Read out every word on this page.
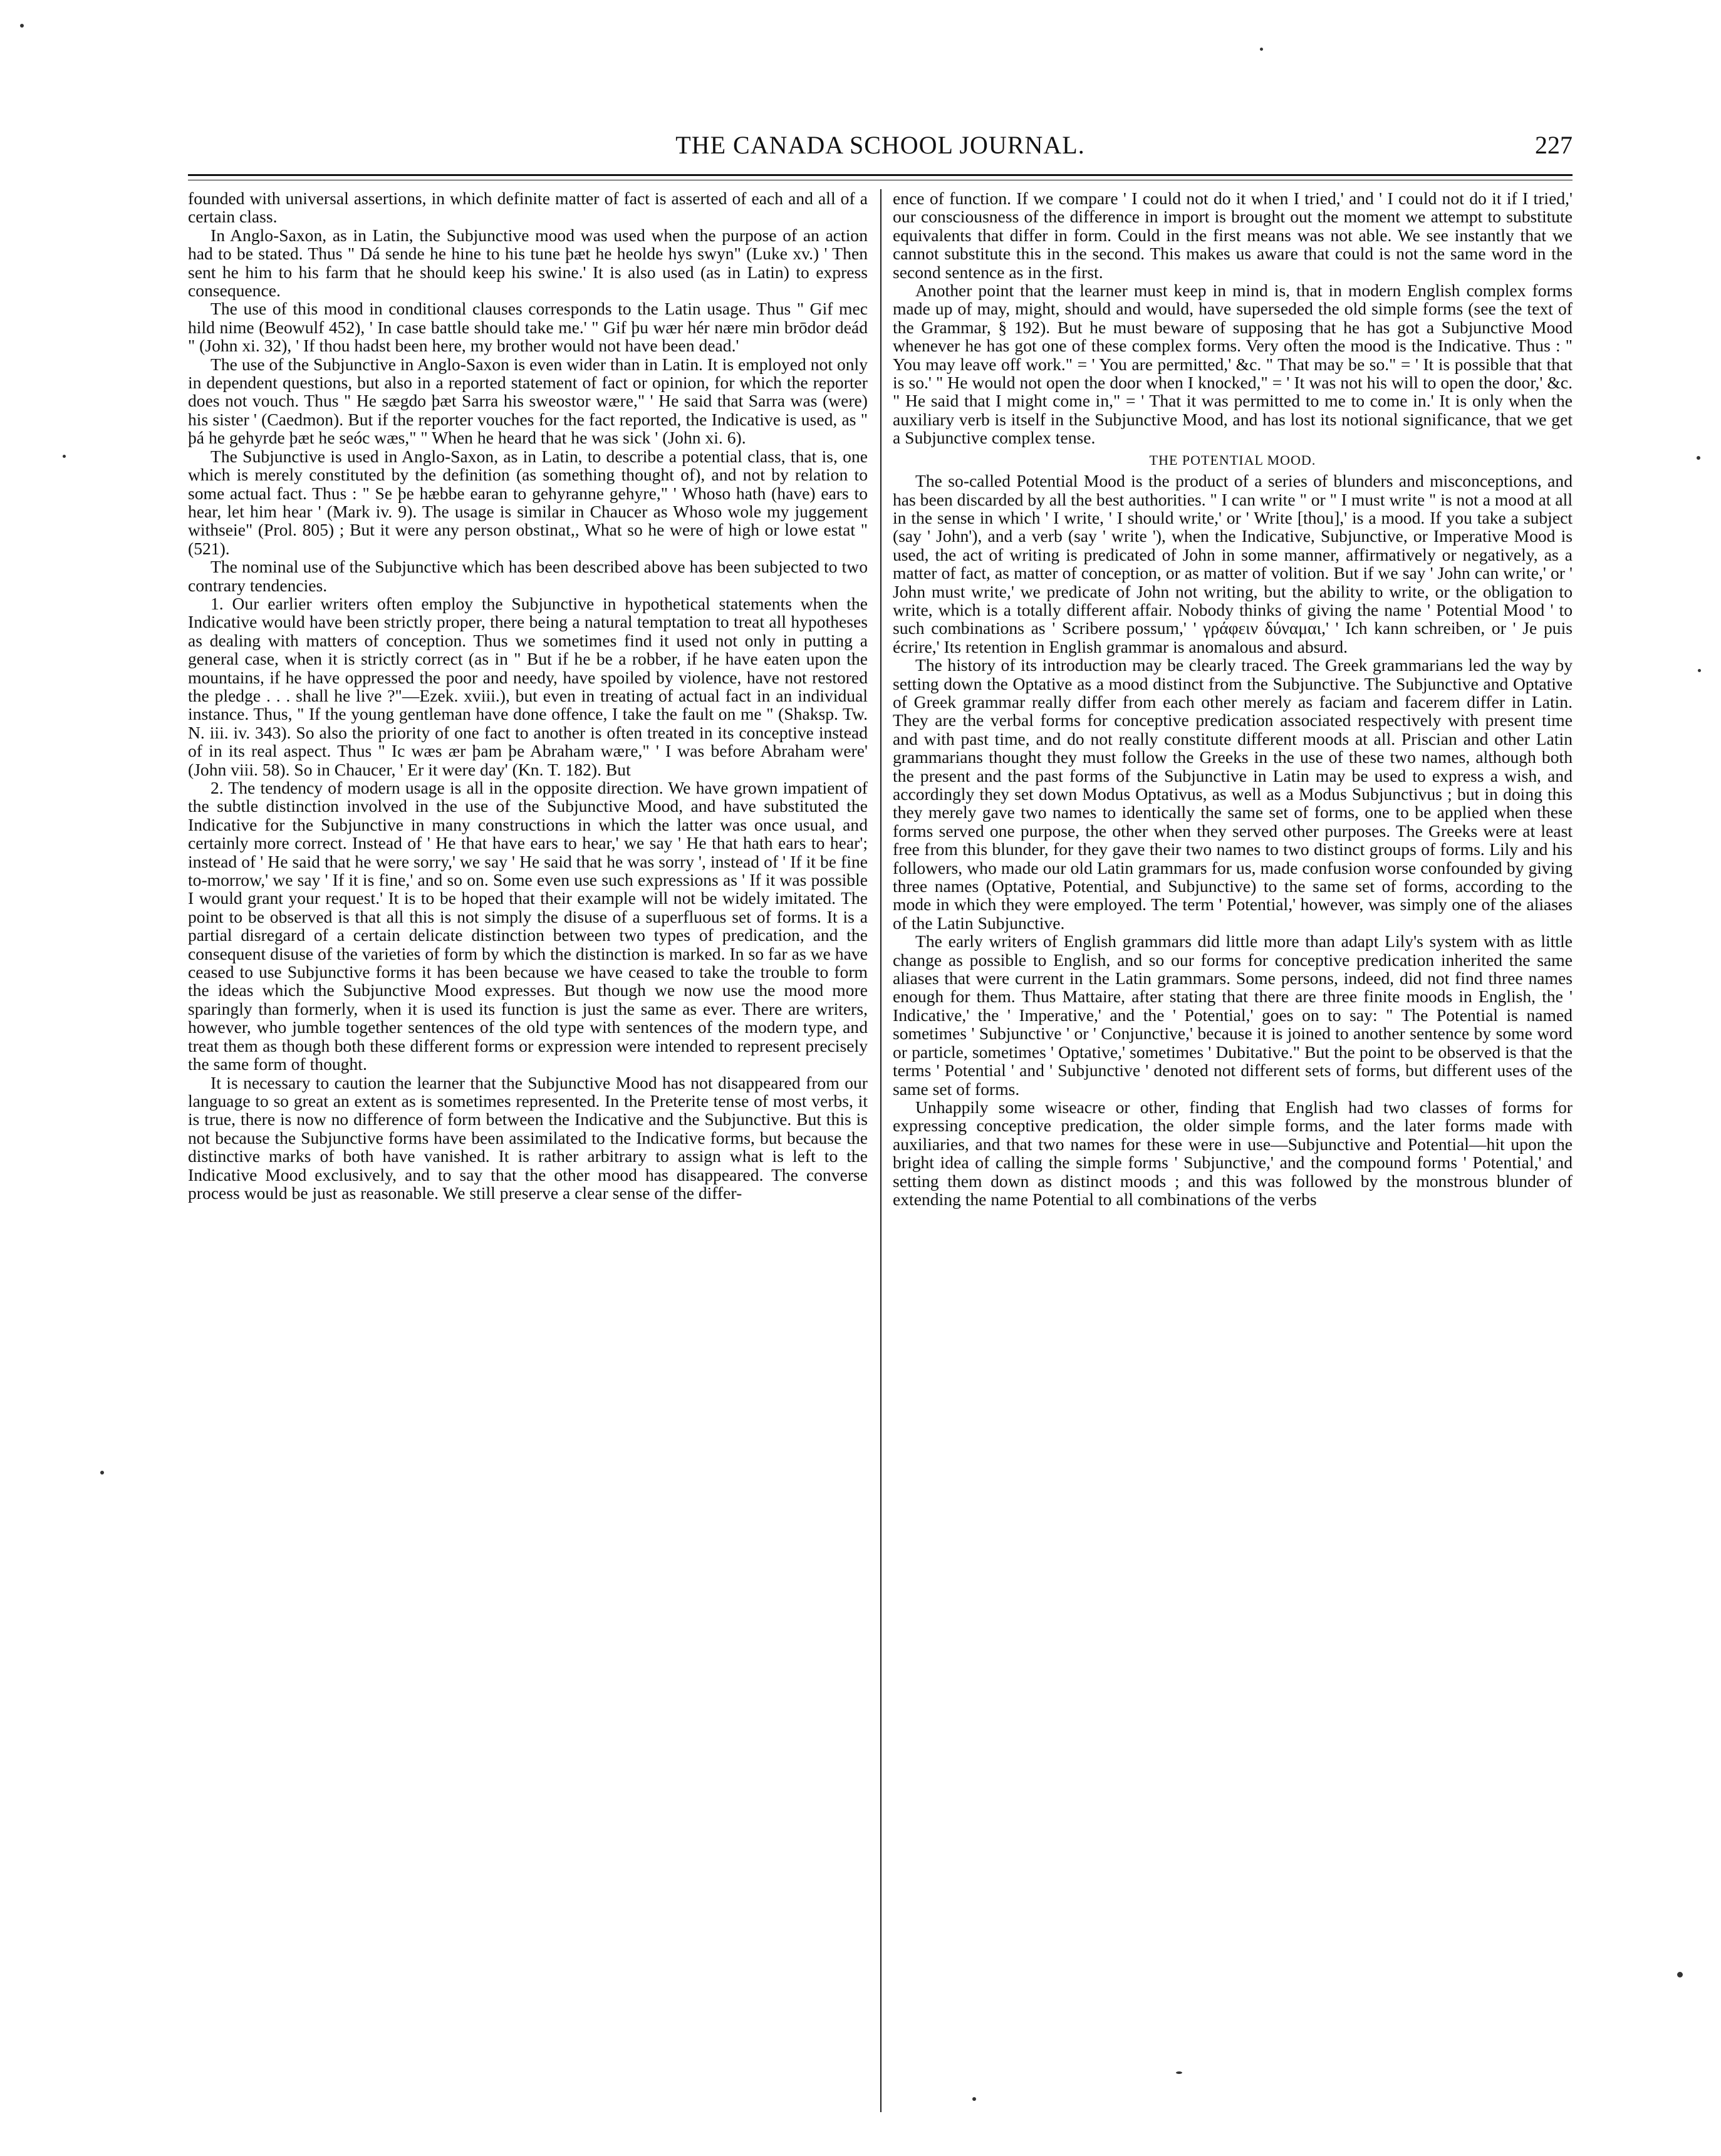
THE CANADA SCHOOL JOURNAL.	227

founded with universal assertions, in which definite matter of fact is asserted of each and all of a certain class.

In Anglo-Saxon, as in Latin, the Subjunctive mood was used when the purpose of an action had to be stated. Thus " Dá sende he hine to his tune þæt he heolde hys swyn" (Luke xv.) ' Then sent he him to his farm that he should keep his swine.' It is also used (as in Latin) to express consequence.

The use of this mood in conditional clauses corresponds to the Latin usage. Thus " Gif mec hild nime (Beowulf 452), ' In case battle should take me.' " Gif þu wær hér nære min brōdor deád " (John xi. 32), ' If thou hadst been here, my brother would not have been dead.'

The use of the Subjunctive in Anglo-Saxon is even wider than in Latin. It is employed not only in dependent questions, but also in a reported statement of fact or opinion, for which the reporter does not vouch. Thus " He sægdo þæt Sarra his sweostor wære," ' He said that Sarra was (were) his sister ' (Caedmon). But if the reporter vouches for the fact reported, the Indicative is used, as " þá he gehyrde þæt he seóc wæs," " When he heard that he was sick ' (John xi. 6).

The Subjunctive is used in Anglo-Saxon, as in Latin, to describe a potential class, that is, one which is merely constituted by the definition (as something thought of), and not by relation to some actual fact. Thus : " Se þe hæbbe earan to gehyranne gehyre," ' Whoso hath (have) ears to hear, let him hear ' (Mark iv. 9). The usage is similar in Chaucer as Whoso wole my juggement withseie" (Prol. 805) ; But it were any person obstinat,, What so he were of high or lowe estat " (521).

The nominal use of the Subjunctive which has been described above has been subjected to two contrary tendencies.

1. Our earlier writers often employ the Subjunctive in hypothetical statements when the Indicative would have been strictly proper, there being a natural temptation to treat all hypotheses as dealing with matters of conception. Thus we sometimes find it used not only in putting a general case, when it is strictly correct (as in " But if he be a robber, if he have eaten upon the mountains, if he have oppressed the poor and needy, have spoiled by violence, have not restored the pledge . . . shall he live ?"—Ezek. xviii.), but even in treating of actual fact in an individual instance. Thus, " If the young gentleman have done offence, I take the fault on me " (Shaksp. Tw. N. iii. iv. 343). So also the priority of one fact to another is often treated in its conceptive instead of in its real aspect. Thus " Ic wæs ær þam þe Abraham wære," ' I was before Abraham were' (John viii. 58). So in Chaucer, ' Er it were day' (Kn. T. 182). But

2. The tendency of modern usage is all in the opposite direction. We have grown impatient of the subtle distinction involved in the use of the Subjunctive Mood, and have substituted the Indicative for the Subjunctive in many constructions in which the latter was once usual, and certainly more correct. Instead of ' He that have ears to hear,' we say ' He that hath ears to hear'; instead of ' He said that he were sorry,' we say ' He said that he was sorry ', instead of ' If it be fine to-morrow,' we say ' If it is fine,' and so on. Some even use such expressions as ' If it was possible I would grant your request.' It is to be hoped that their example will not be widely imitated. The point to be observed is that all this is not simply the disuse of a superfluous set of forms. It is a partial disregard of a certain delicate distinction between two types of predication, and the consequent disuse of the varieties of form by which the distinction is marked. In so far as we have ceased to use Subjunctive forms it has been because we have ceased to take the trouble to form the ideas which the Subjunctive Mood expresses. But though we now use the mood more sparingly than formerly, when it is used its function is just the same as ever. There are writers, however, who jumble together sentences of the old type with sentences of the modern type, and treat them as though both these different forms or expression were intended to represent precisely the same form of thought.

It is necessary to caution the learner that the Subjunctive Mood has not disappeared from our language to so great an extent as is sometimes represented. In the Preterite tense of most verbs, it is true, there is now no difference of form between the Indicative and the Subjunctive. But this is not because the Subjunctive forms have been assimilated to the Indicative forms, but because the distinctive marks of both have vanished. It is rather arbitrary to assign what is left to the Indicative Mood exclusively, and to say that the other mood has disappeared. The converse process would be just as reasonable. We still preserve a clear sense of the differ-

ence of function. If we compare ' I could not do it when I tried,' and ' I could not do it if I tried,' our consciousness of the difference in import is brought out the moment we attempt to substitute equivalents that differ in form. Could in the first means was not able. We see instantly that we cannot substitute this in the second. This makes us aware that could is not the same word in the second sentence as in the first.

Another point that the learner must keep in mind is, that in modern English complex forms made up of may, might, should and would, have superseded the old simple forms (see the text of the Grammar, § 192). But he must beware of supposing that he has got a Subjunctive Mood whenever he has got one of these complex forms. Very often the mood is the Indicative. Thus : " You may leave off work." = ' You are permitted,' &c. " That may be so." = ' It is possible that that is so.' " He would not open the door when I knocked," = ' It was not his will to open the door,' &c. " He said that I might come in," = ' That it was permitted to me to come in.' It is only when the auxiliary verb is itself in the Subjunctive Mood, and has lost its notional significance, that we get a Subjunctive complex tense.

THE POTENTIAL MOOD.

The so-called Potential Mood is the product of a series of blunders and misconceptions, and has been discarded by all the best authorities. " I can write " or " I must write " is not a mood at all in the sense in which ' I write, ' I should write,' or ' Write [thou],' is a mood. If you take a subject (say ' John'), and a verb (say ' write '), when the Indicative, Subjunctive, or Imperative Mood is used, the act of writing is predicated of John in some manner, affirmatively or negatively, as a matter of fact, as matter of conception, or as matter of volition. But if we say ' John can write,' or ' John must write,' we predicate of John not writing, but the ability to write, or the obligation to write, which is a totally different affair. Nobody thinks of giving the name ' Potential Mood ' to such combinations as ' Scribere possum,' ' γράφειν δύναμαι,' ' Ich kann schreiben, or ' Je puis écrire,' Its retention in English grammar is anomalous and absurd.

The history of its introduction may be clearly traced. The Greek grammarians led the way by setting down the Optative as a mood distinct from the Subjunctive. The Subjunctive and Optative of Greek grammar really differ from each other merely as faciam and facerem differ in Latin. They are the verbal forms for conceptive predication associated respectively with present time and with past time, and do not really constitute different moods at all. Priscian and other Latin grammarians thought they must follow the Greeks in the use of these two names, although both the present and the past forms of the Subjunctive in Latin may be used to express a wish, and accordingly they set down Modus Optativus, as well as a Modus Subjunctivus ; but in doing this they merely gave two names to identically the same set of forms, one to be applied when these forms served one purpose, the other when they served other purposes. The Greeks were at least free from this blunder, for they gave their two names to two distinct groups of forms. Lily and his followers, who made our old Latin grammars for us, made confusion worse confounded by giving three names (Optative, Potential, and Subjunctive) to the same set of forms, according to the mode in which they were employed. The term ' Potential,' however, was simply one of the aliases of the Latin Subjunctive.

The early writers of English grammars did little more than adapt Lily's system with as little change as possible to English, and so our forms for conceptive predication inherited the same aliases that were current in the Latin grammars. Some persons, indeed, did not find three names enough for them. Thus Mattaire, after stating that there are three finite moods in English, the ' Indicative,' the ' Imperative,' and the ' Potential,' goes on to say: " The Potential is named sometimes ' Subjunctive ' or ' Conjunctive,' because it is joined to another sentence by some word or particle, sometimes ' Optative,' sometimes ' Dubitative." But the point to be observed is that the terms ' Potential ' and ' Subjunctive ' denoted not different sets of forms, but different uses of the same set of forms.

Unhappily some wiseacre or other, finding that English had two classes of forms for expressing conceptive predication, the older simple forms, and the later forms made with auxiliaries, and that two names for these were in use—Subjunctive and Potential—hit upon the bright idea of calling the simple forms ' Subjunctive,' and the compound forms ' Potential,' and setting them down as distinct moods ; and this was followed by the monstrous blunder of extending the name Potential to all combinations of the verbs
